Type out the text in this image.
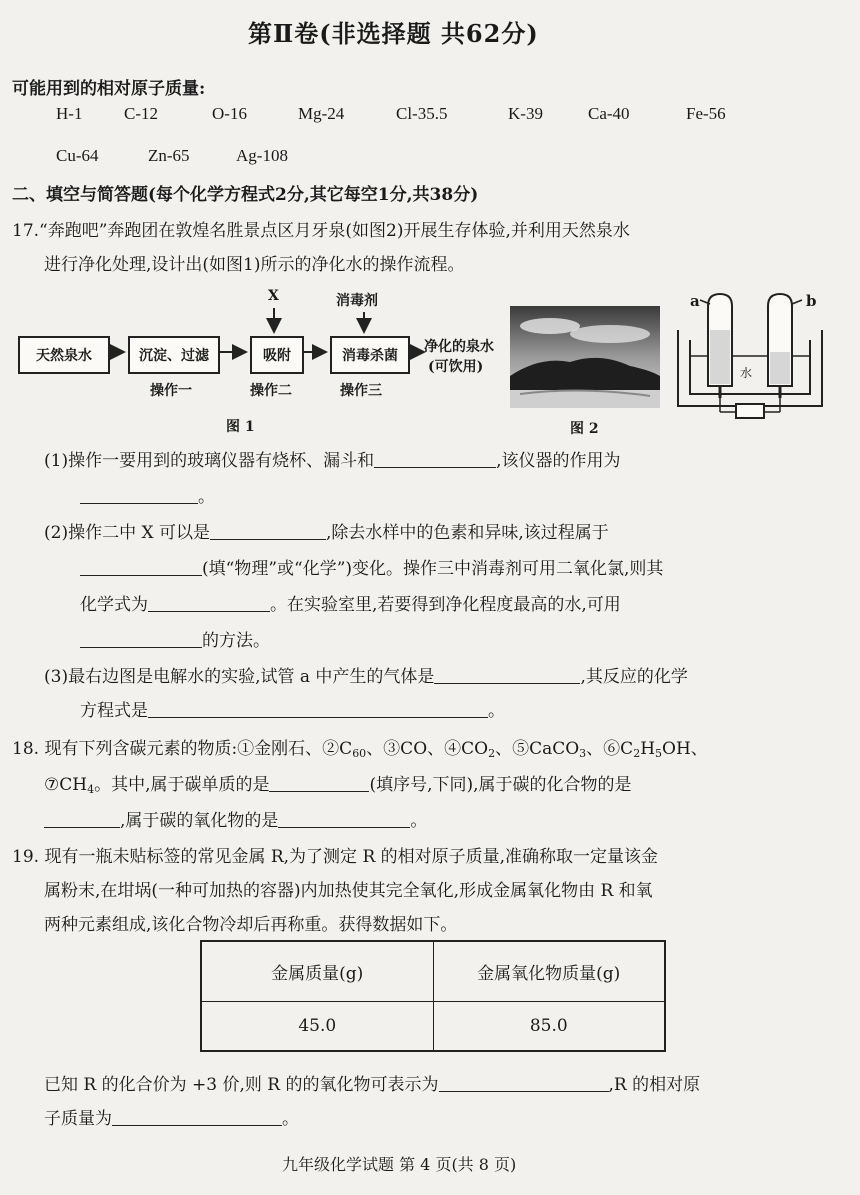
第Ⅱ卷(非选择题 共62分)
可能用到的相对原子质量:
H-1 C-12	O-16	Mg-24	Cl-35.5	K-39	Ca-40	Fe-56
Cu-64	Zn-65	Ag-108
二、填空与简答题(每个化学方程式2分,其它每空1分,共38分)
17.“奔跑吧”奔跑团在敦煌名胜景点区月牙泉(如图2)开展生存体验,并利用天然泉水
进行净化处理,设计出(如图1)所示的净化水的操作流程。
天然泉水	沉淀、过滤	吸附	消毒杀菌
X	消毒剂
净化的泉水
(可饮用)
操作一	操作二	操作三
图 1	图 2
a	b
水
(1)操作一要用到的玻璃仪器有烧杯、漏斗和	,该仪器的作用为
。
(2)操作二中 X 可以是	,除去水样中的色素和异味,该过程属于
(填“物理”或“化学”)变化。操作三中消毒剂可用二氧化氯,则其
化学式为	。在实验室里,若要得到净化程度最高的水,可用
的方法。
(3)最右边图是电解水的实验,试管 a 中产生的气体是	,其反应的化学
方程式是	。
18. 现有下列含碳元素的物质:①金刚石、$②C_{60}$、③CO、$④CO_2$、⑤CaCO$_3$、$⑥C_2H_5OH$、
$⑦CH_4$。其中,属于碳单质的是	(填序号,下同),属于碳的化合物的是
,属于碳的氧化物的是	。
19. 现有一瓶未贴标签的常见金属 R,为了测定 R 的相对原子质量,准确称取一定量该金
属粉末,在坩埚(一种可加热的容器)内加热使其完全氧化,形成金属氧化物由 R 和氧
两种元素组成,该化合物冷却后再称重。获得数据如下。
金属质量(g)	金属氧化物质量(g)
45.0	85.0
已知 R 的化合价为 +3 价,则 R 的的氧化物可表示为	,R 的相对原
子质量为	。
九年级化学试题 第 4 页(共 8 页)
